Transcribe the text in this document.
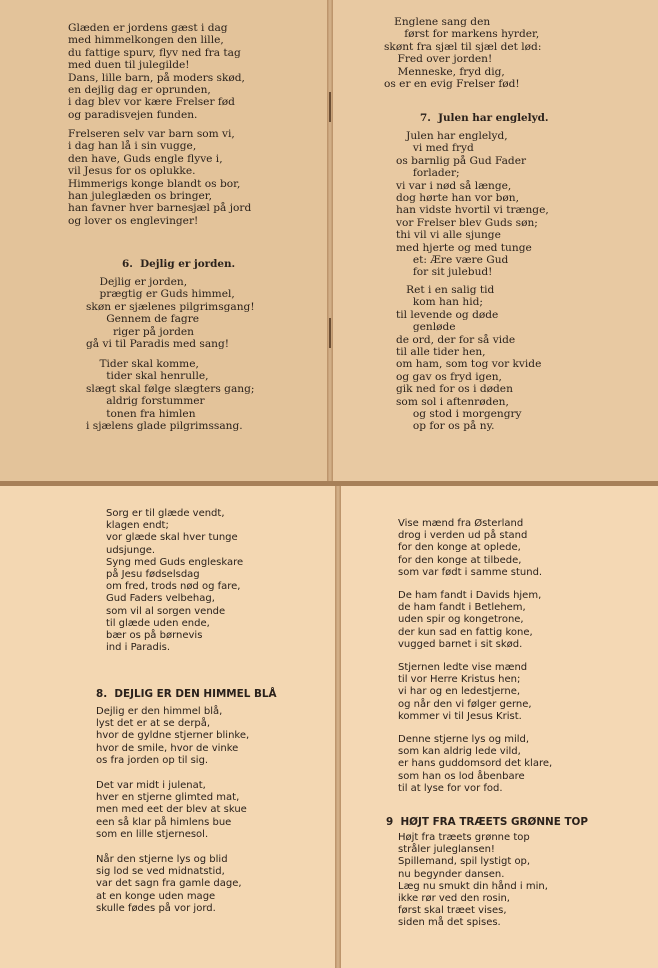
Glæden er jordens gæst i dag
med himmelkongen den lille,
du fattige spurv, flyv ned fra tag
med duen til julegilde!
Dans, lille barn, på moders skød,
en dejlig dag er oprunden,
i dag blev vor kære Frelser fød
og paradisvejen funden.
Frelseren selv var barn som vi,
i dag han lå i sin vugge,
den have, Guds engle flyve i,
vil Jesus for os oplukke.
Himmerigs konge blandt os bor,
han juleglæden os bringer,
han favner hver barnesjæl på jord
og lover os englevinger!
6.  Dejlig er jorden.
Dejlig er jorden,
prægtig er Guds himmel,
skøn er sjælenes pilgrimsgang!
Gennem de fagre
riger på jorden
gå vi til Paradis med sang!
Tider skal komme,
tider skal henrulle,
slægt skal følge slægters gang;
aldrig forstummer
tonen fra himlen
i sjælens glade pilgrimssang.
Englene sang den
først for markens hyrder,
skønt fra sjæl til sjæl det lød:
Fred over jorden!
Menneske, fryd dig,
os er en evig Frelser fød!
7.  Julen har englelyd.
Julen har englelyd,
vi med fryd
os barnlig på Gud Fader
forlader;
vi var i nød så længe,
dog hørte han vor bøn,
han vidste hvortil vi trænge,
vor Frelser blev Guds søn;
thi vil vi alle sjunge
med hjerte og med tunge
et: Ære være Gud
for sit julebud!
Ret i en salig tid
kom han hid;
til levende og døde
genløde
de ord, der for så vide
til alle tider hen,
om ham, som tog vor kvide
og gav os fryd igen,
gik ned for os i døden
som sol i aftenrøden,
og stod i morgengry
op for os på ny.
Sorg er til glæde vendt,
klagen endt;
vor glæde skal hver tunge
udsjunge.
Syng med Guds engleskare
på Jesu fødselsdag
om fred, trods nød og fare,
Gud Faders velbehag,
som vil al sorgen vende
til glæde uden ende,
bær os på børnevis
ind i Paradis.
8.  DEJLIG ER DEN HIMMEL BLÅ
Dejlig er den himmel blå,
lyst det er at se derpå,
hvor de gyldne stjerner blinke,
hvor de smile, hvor de vinke
os fra jorden op til sig.
Det var midt i julenat,
hver en stjerne glimted mat,
men med eet der blev at skue
een så klar på himlens bue
som en lille stjernesol.
Når den stjerne lys og blid
sig lod se ved midnatstid,
var det sagn fra gamle dage,
at en konge uden mage
skulle fødes på vor jord.
Vise mænd fra Østerland
drog i verden ud på stand
for den konge at oplede,
for den konge at tilbede,
som var født i samme stund.
De ham fandt i Davids hjem,
de ham fandt i Betlehem,
uden spir og kongetrone,
der kun sad en fattig kone,
vugged barnet i sit skød.
Stjernen ledte vise mænd
til vor Herre Kristus hen;
vi har og en ledestjerne,
og når den vi følger gerne,
kommer vi til Jesus Krist.
Denne stjerne lys og mild,
som kan aldrig lede vild,
er hans guddomsord det klare,
som han os lod åbenbare
til at lyse for vor fod.
9  HØJT FRA TRÆETS GRØNNE TOP
Højt fra træets grønne top
stråler juleglansen!
Spillemand, spil lystigt op,
nu begynder dansen.
Læg nu smukt din hånd i min,
ikke rør ved den rosin,
først skal træet vises,
siden må det spises.
